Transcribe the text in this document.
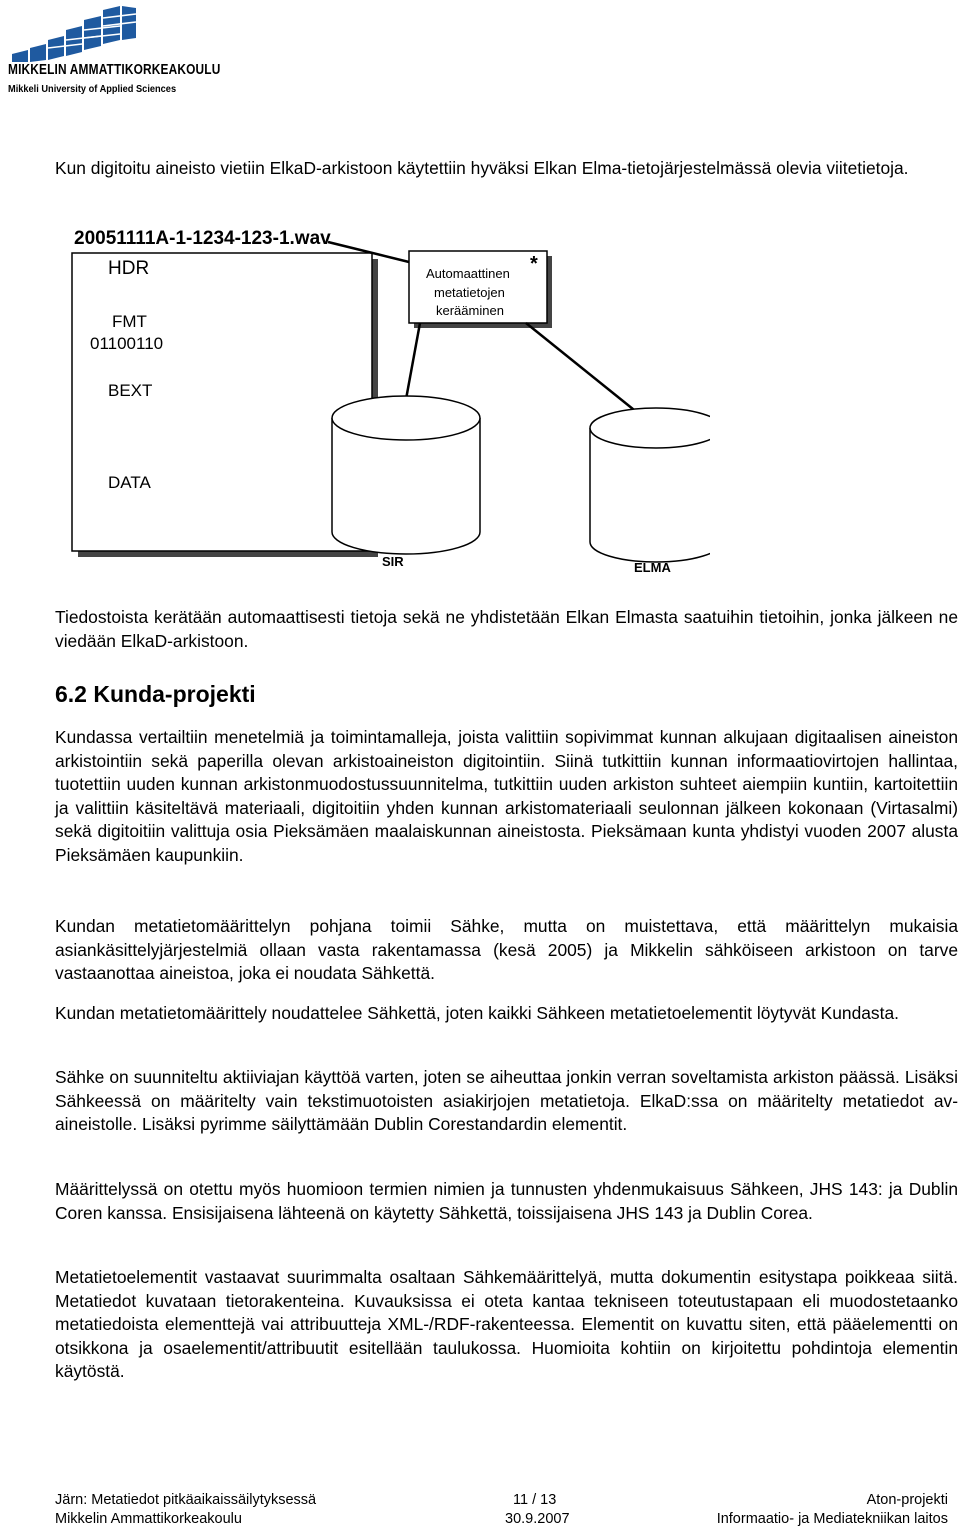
MIKKELIN AMMATTIKORKEAKOULU
Mikkeli University of Applied Sciences

Kun digitoitu aineisto vietiin ElkaD-arkistoon käytettiin hyväksi Elkan Elma-tietojärjestelmässä olevia viitetietoja.

20051111A-1-1234-123-1.wav
HDR
FMT
01100110
BEXT
DATA
Automaattinen
metatietojen
kerääminen
*
SIR	ELMA

Tiedostoista kerätään automaattisesti tietoja sekä ne yhdistetään Elkan Elmasta saatuihin tietoihin, jonka jälkeen ne viedään ElkaD-arkistoon.

6.2 Kunda-projekti

Kundassa vertailtiin menetelmiä ja toimintamalleja, joista valittiin sopivimmat kunnan alkujaan digitaalisen aineiston arkistointiin sekä paperilla olevan arkistoaineiston digitointiin. Siinä tutkittiin kunnan informaatiovirtojen hallintaa, tuotettiin uuden kunnan arkistonmuodostussuunnitelma, tutkittiin uuden arkiston suhteet aiempiin kuntiin, kartoitettiin ja valittiin käsiteltävä materiaali, digitoitiin yhden kunnan arkistomateriaali seulonnan jälkeen kokonaan (Virtasalmi) sekä digitoitiin valittuja osia Pieksämäen maalaiskunnan aineistosta. Pieksämaan kunta yhdistyi vuoden 2007 alusta Pieksämäen kaupunkiin.

Kundan metatietomäärittelyn pohjana toimii Sähke, mutta on muistettava, että määrittelyn mukaisia asiankäsittelyjärjestelmiä ollaan vasta rakentamassa (kesä 2005) ja Mikkelin sähköiseen arkistoon on tarve vastaanottaa aineistoa, joka ei noudata Sähkettä.

Kundan metatietomäärittely noudattelee Sähkettä, joten kaikki Sähkeen metatietoelementit löytyvät Kundasta.

Sähke on suunniteltu aktiiviajan käyttöä varten, joten se aiheuttaa jonkin verran soveltamista arkiston päässä. Lisäksi Sähkeessä on määritelty vain tekstimuotoisten asiakirjojen metatietoja. ElkaD:ssa on määritelty metatiedot av-aineistolle. Lisäksi pyrimme säilyttämään Dublin Corestandardin elementit.

Määrittelyssä on otettu myös huomioon termien nimien ja tunnusten yhdenmukaisuus Sähkeen, JHS 143: ja Dublin Coren kanssa. Ensisijaisena lähteenä on käytetty Sähkettä, toissijaisena JHS 143 ja Dublin Corea.

Metatietoelementit vastaavat suurimmalta osaltaan Sähkemäärittelyä, mutta dokumentin esitystapa poikkeaa siitä. Metatiedot kuvataan tietorakenteina. Kuvauksissa ei oteta kantaa tekniseen toteutustapaan eli muodostetaanko metatiedoista elementtejä vai attribuutteja XML-/RDF-rakenteessa. Elementit on kuvattu siten, että pääelementti on otsikkona ja osaelementit/attribuutit esitellään taulukossa. Huomioita kohtiin on kirjoitettu pohdintoja elementin käytöstä.

Järn: Metatiedot pitkäaikaissäilytyksessä	11 / 13	Aton-projekti
Mikkelin Ammattikorkeakoulu	30.9.2007	Informaatio- ja Mediatekniikan laitos
